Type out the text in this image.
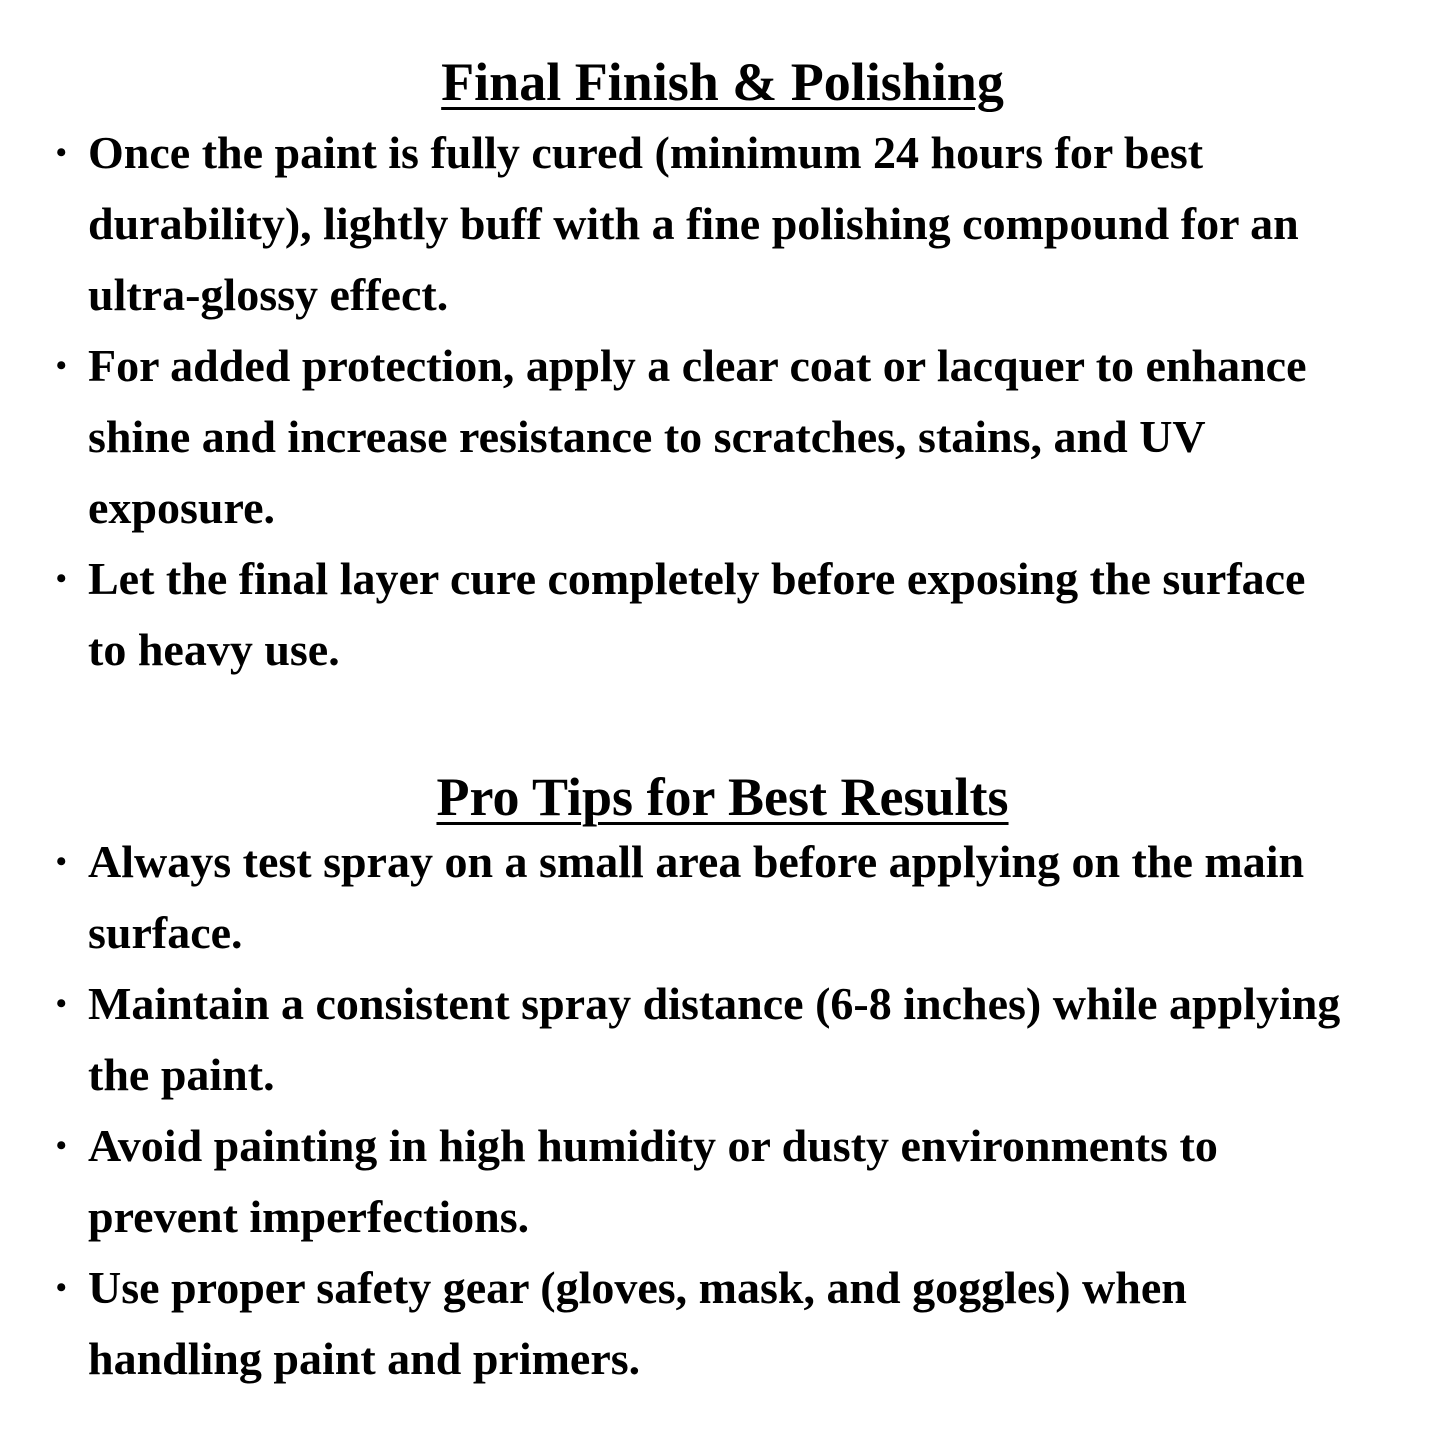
Final Finish & Polishing
• Once the paint is fully cured (minimum 24 hours for best
durability), lightly buff with a fine polishing compound for an
ultra-glossy effect.
• For added protection, apply a clear coat or lacquer to enhance
shine and increase resistance to scratches, stains, and UV
exposure.
• Let the final layer cure completely before exposing the surface
to heavy use.
Pro Tips for Best Results
• Always test spray on a small area before applying on the main
surface.
• Maintain a consistent spray distance (6-8 inches) while applying
the paint.
• Avoid painting in high humidity or dusty environments to
prevent imperfections.
• Use proper safety gear (gloves, mask, and goggles) when
handling paint and primers.
